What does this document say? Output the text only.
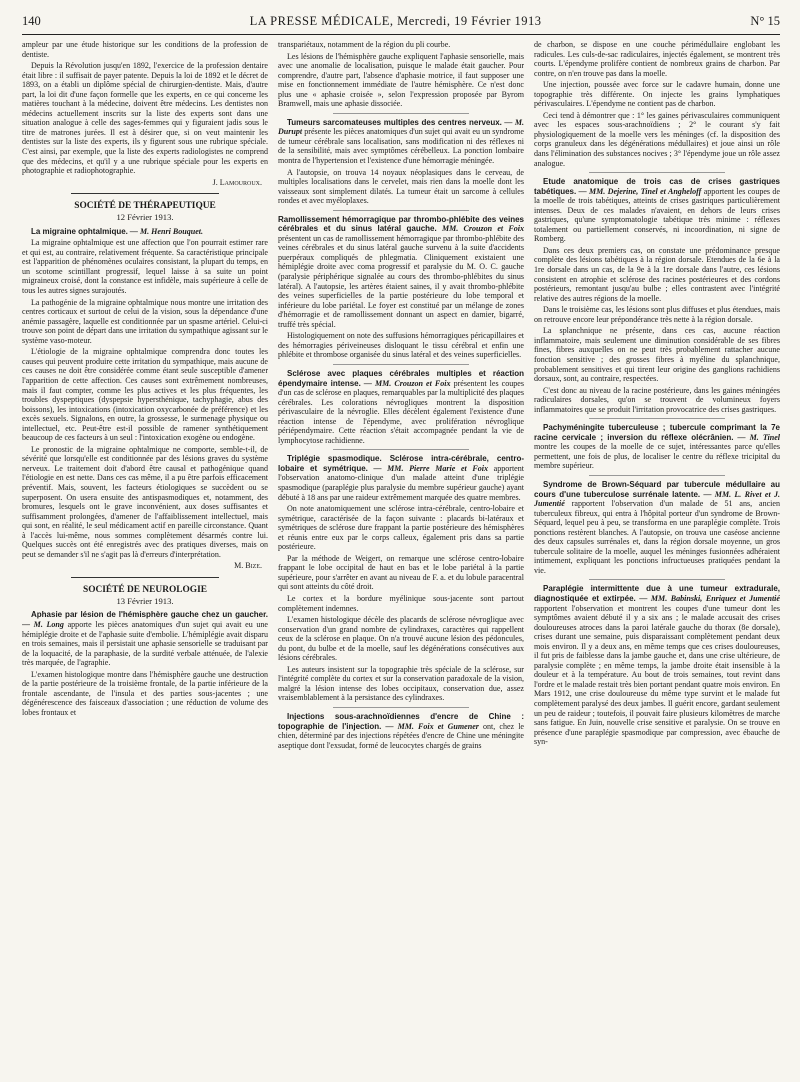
140	LA PRESSE MÉDICALE, Mercredi, 19 Février 1913	N° 15

ampleur par une étude historique sur les conditions de la profession de dentiste.

Depuis la Révolution jusqu'en 1892, l'exercice de la profession dentaire était libre : il suffisait de payer patente. Depuis la loi de 1892 et le décret de 1893, on a établi un diplôme spécial de chirurgien-dentiste. Mais, d'autre part, la loi dit d'une façon formelle que les experts, en ce qui concerne les matières touchant à la médecine, doivent être médecins. Les dentistes non médecins actuellement inscrits sur la liste des experts sont dans une situation analogue à celle des sages-femmes qui y figuraient jadis sous le titre de matrones jurées. Il est à désirer que, si on veut maintenir les dentistes sur la liste des experts, ils y figurent sous une rubrique spéciale. C'est ainsi, par exemple, que la liste des experts radiologistes ne comprend que des médecins, et qu'il y a une rubrique spéciale pour les experts en photographie et radiophotographie.

J. Lamouroux.

SOCIÉTÉ DE THÉRAPEUTIQUE
12 Février 1913.

La migraine ophtalmique. — M. Henri Bouquet.

La migraine ophtalmique est une affection que l'on pourrait estimer rare et qui est, au contraire, relativement fréquente. Sa caractéristique principale est l'apparition de phénomènes oculaires consistant, la plupart du temps, en un scotome scintillant progressif, lequel laisse à sa suite un point migraineux croisé, dont la constance est infidèle, mais supérieure à celle de tous les autres signes surajoutés.

La pathogénie de la migraine ophtalmique nous montre une irritation des centres corticaux et surtout de celui de la vision, sous la dépendance d'une anémie passagère, laquelle est conditionnée par un spasme artériel. Celui-ci trouve son point de départ dans une irritation du sympathique agissant sur le système vaso-moteur.

L'étiologie de la migraine ophtalmique comprendra donc toutes les causes qui peuvent produire cette irritation du sympathique, mais aucune de ces causes ne doit être considérée comme étant seule susceptible d'amener l'apparition de cette affection. Ces causes sont extrêmement nombreuses, mais il faut compter, comme les plus actives et les plus fréquentes, les troubles dyspeptiques (dyspepsie hypersthénique, tachyphagie, abus des boissons), les intoxications (intoxication oxycarbonée de préférence) et les excès sexuels. Signalons, en outre, la grossesse, le surmenage physique ou intellectuel, etc. Peut-être est-il possible de ramener synthétiquement beaucoup de ces facteurs à un seul : l'intoxication exogène ou endogène.

Le pronostic de la migraine ophtalmique ne comporte, semble-t-il, de sévérité que lorsqu'elle est conditionnée par des lésions graves du système nerveux. Le traitement doit d'abord être causal et pathogénique quand l'étiologie en est nette. Dans ces cas même, il a pu être parfois efficacement préventif. Mais, souvent, les facteurs étiologiques se succèdent ou se superposent. On usera ensuite des antispasmodiques et, notamment, des bromures, lesquels ont le grave inconvénient, aux doses suffisantes et suffisamment prolongées, d'amener de l'affaiblissement intellectuel, mais qui sont, en réalité, le seul médicament actif en pareille circonstance. Quant à l'accès lui-même, nous sommes complètement désarmés contre lui. Quelques succès ont été enregistrés avec des pratiques diverses, mais on peut se demander s'il ne s'agit pas là d'erreurs d'interprétation.

M. Bize.

SOCIÉTÉ DE NEUROLOGIE
13 Février 1913.

Aphasie par lésion de l'hémisphère gauche chez un gaucher. — M. Long apporte les pièces anatomiques d'un sujet qui avait eu une hémiplégie droite et de l'aphasie suite d'embolie. L'hémiplégie avait disparu en trois semaines, mais il persistait une aphasie sensorielle se traduisant par de la loquacité, de la paraphasie, de la surdité verbale atténuée, de l'alexie très marquée, de l'agraphie.

L'examen histologique montre dans l'hémisphère gauche une destruction de la partie postérieure de la troisième frontale, de la partie inférieure de la frontale ascendante, de l'insula et des parties sous-jacentes ; une dégénérescence des faisceaux d'association ; une réduction de volume des lobes frontaux et

transpariétaux, notamment de la région du pli courbe.

Les lésions de l'hémisphère gauche expliquent l'aphasie sensorielle, mais avec une anomalie de localisation, puisque le malade était gaucher. Pour comprendre, d'autre part, l'absence d'aphasie motrice, il faut supposer une mise en fonctionnement immédiate de l'autre hémisphère. Ce n'est donc plus une « aphasie croisée », selon l'expression proposée par Byrom Bramwell, mais une aphasie dissociée.

Tumeurs sarcomateuses multiples des centres nerveux. — M. Durupt présente les pièces anatomiques d'un sujet qui avait eu un syndrome de tumeur cérébrale sans localisation, sans modification ni des réflexes ni de la sensibilité, mais avec symptômes cérébelleux. La ponction lombaire montra de l'hypertension et l'existence d'une hémorragie méningée.

A l'autopsie, on trouva 14 noyaux néoplasiques dans le cerveau, de multiples localisations dans le cervelet, mais rien dans la moelle dont les vaisseaux sont simplement dilatés. La tumeur était un sarcome à cellules rondes et avec myéloplaxes.

Ramollissement hémorragique par thrombo-phlébite des veines cérébrales et du sinus latéral gauche. MM. Crouzon et Foix présentent un cas de ramollissement hémorragique par thrombo-phlébite des veines cérébrales et du sinus latéral gauche survenu à la suite d'accidents puerpéraux compliqués de phlegmatia. Cliniquement existaient une hémiplégie droite avec coma progressif et paralysie du M. O. C. gauche (paralysie périphérique signalée au cours des thrombo-phlébites du sinus latéral). A l'autopsie, les artères étaient saines, il y avait thrombo-phlébite des veines superficielles de la partie postérieure du lobe temporal et inférieure du lobe pariétal. Le foyer est constitué par un mélange de zones d'hémorragie et de ramollissement donnant un aspect en damier, bigarré, truffé très spécial.

Histologiquement on note des suffusions hémorragiques péricapillaires et des hémorragies périveineuses disloquant le tissu cérébral et enfin une phlébite et thrombose organisée du sinus latéral et des veines superficielles.

Sclérose avec plaques cérébrales multiples et réaction épendymaire intense. — MM. Crouzon et Foix présentent les coupes d'un cas de sclérose en plaques, remarquables par la multiplicité des plaques cérébrales. Les colorations névrogliques montrent la disposition périvasculaire de la névroglie. Elles décèlent également l'existence d'une réaction intense de l'épendyme, avec prolifération névroglique périépendymaire. Cette réaction s'était accompagnée pendant la vie de lymphocytose rachidienne.

Triplégie spasmodique. Sclérose intra-cérébrale, centro-lobaire et symétrique. — MM. Pierre Marie et Foix apportent l'observation anatomo-clinique d'un malade atteint d'une triplégie spasmodique (paraplégie plus paralysie du membre supérieur gauche) ayant débuté à 18 ans par une raideur extrêmement marquée des quatre membres.

On note anatomiquement une sclérose intra-cérébrale, centro-lobaire et symétrique, caractérisée de la façon suivante : placards bi-latéraux et symétriques de sclérose dure frappant la partie postérieure des hémisphères et réunis entre eux par le corps calleux, également pris dans sa partie postérieure.

Par la méthode de Weigert, on remarque une sclérose centro-lobaire frappant le lobe occipital de haut en bas et le lobe pariétal à la partie supérieure, pour s'arrêter en avant au niveau de F. a. et du lobule paracentral qui sont atteints du côté droit.

Le cortex et la bordure myélinique sous-jacente sont partout complètement indemnes.

L'examen histologique décèle des placards de sclérose névroglique avec conservation d'un grand nombre de cylindraxes, caractères qui rappellent ceux de la sclérose en plaque. On n'a trouvé aucune lésion des pédoncules, du pont, du bulbe et de la moelle, sauf les dégénérations consécutives aux lésions cérébrales.

Les auteurs insistent sur la topographie très spéciale de la sclérose, sur l'intégrité complète du cortex et sur la conservation paradoxale de la vision, malgré la lésion intense des lobes occipitaux, conservation due, assez vraisemblablement à la persistance des cylindraxes.

Injections sous-arachnoïdiennes d'encre de Chine : topographie de l'injection. — MM. Foix et Gumener ont, chez le chien, déterminé par des injections répétées d'encre de Chine une méningite aseptique dont l'exsudat, formé de leucocytes chargés de grains

de charbon, se dispose en une couche périmédullaire englobant les radicules. Les culs-de-sac radiculaires, injectés également, se montrent très courts. L'épendyme prolifère contient de nombreux grains de charbon. Par contre, on n'en trouve pas dans la moelle.

Une injection, poussée avec force sur le cadavre humain, donne une topographie très différente. On injecte les grains lymphatiques périvasculaires. L'épendyme ne contient pas de charbon.

Ceci tend à démontrer que : 1° les gaines périvasculaires communiquent avec les espaces sous-arachnoïdiens ; 2° le courant s'y fait physiologiquement de la moelle vers les méninges (cf. la disposition des corps granuleux dans les dégénérations médullaires) et joue ainsi un rôle dans l'élimination des substances nocives ; 3° l'épendyme joue un rôle assez analogue.

Etude anatomique de trois cas de crises gastriques tabétiques. — MM. Dejerine, Tinel et Angheloff apportent les coupes de la moelle de trois tabétiques, atteints de crises gastriques particulièrement intenses. Deux de ces malades n'avaient, en dehors de leurs crises gastriques, qu'une symptomatologie tabétique très minime : réflexes totalement ou partiellement conservés, ni incoordination, ni signe de Romberg.

Dans ces deux premiers cas, on constate une prédominance presque complète des lésions tabétiques à la région dorsale. Etendues de la 6e à la 1re dorsale dans un cas, de la 9e à la 1re dorsale dans l'autre, ces lésions consistent en atrophie et sclérose des racines postérieures et des cordons postérieurs, remontant jusqu'au bulbe ; elles contrastent avec l'intégrité relative des autres régions de la moelle.

Dans le troisième cas, les lésions sont plus diffuses et plus étendues, mais on retrouve encore leur prépondérance très nette à la région dorsale.

La splanchnique ne présente, dans ces cas, aucune réaction inflammatoire, mais seulement une diminution considérable de ses fibres fines, fibres auxquelles on ne peut très probablement rattacher aucune fonction sensitive ; des grosses fibres à myéline du splanchnique, probablement sensitives et qui tirent leur origine des ganglions rachidiens dorsaux, sont, au contraire, respectées.

C'est donc au niveau de la racine postérieure, dans les gaines méningées radiculaires dorsales, qu'on se trouvent de volumineux foyers inflammatoires que se produit l'irritation provocatrice des crises gastriques.

Pachyméningite tuberculeuse ; tubercule comprimant la 7e racine cervicale ; inversion du réflexe olécrânien. — M. Tinel montre les coupes de la moelle de ce sujet, intéressantes parce qu'elles permettent, une fois de plus, de localiser le centre du réflexe tricipital du membre supérieur.

Syndrome de Brown-Séquard par tubercule médullaire au cours d'une tuberculose surrénale latente. — MM. L. Rivet et J. Jumentié rapportent l'observation d'un malade de 51 ans, ancien tuberculeux fibreux, qui entra à l'hôpital porteur d'un syndrome de Brown-Séquard, lequel peu à peu, se transforma en une paraplégie complète. Trois ponctions restèrent blanches. A l'autopsie, on trouva une caséose ancienne des deux capsules surrénales et, dans la région dorsale moyenne, un gros tubercule solitaire de la moelle, auquel les méninges fusionnées adhéraient intimement, expliquant les ponctions infructueuses pratiquées pendant la vie.

Paraplégie intermittente due à une tumeur extradurale, diagnostiquée et extirpée. — MM. Babinski, Enriquez et Jumentié rapportent l'observation et montrent les coupes d'une tumeur dont les symptômes avaient débuté il y a six ans ; le malade accusait des crises douloureuses atroces dans la paroi latérale gauche du thorax (8e dorsale), crises durant une semaine, puis disparaissant complètement pendant deux mois environ. Il y a deux ans, en même temps que ces crises douloureuses, il fut pris de faiblesse dans la jambe gauche et, dans une crise ultérieure, de paralysie complète ; en même temps, la jambe droite était insensible à la douleur et à la température. Au bout de trois semaines, tout revint dans l'ordre et le malade restait très bien portant pendant quatre mois environ. En Mars 1912, une crise douloureuse du même type survint et le malade fut complètement paralysé des deux jambes. Il guérit encore, gardant seulement un peu de raideur ; toutefois, il pouvait faire plusieurs kilomètres de marche sans fatigue. En Juin, nouvelle crise sensitive et paralysie. On se trouve en présence d'une paraplégie spasmodique par compression, avec ébauche de syn-
